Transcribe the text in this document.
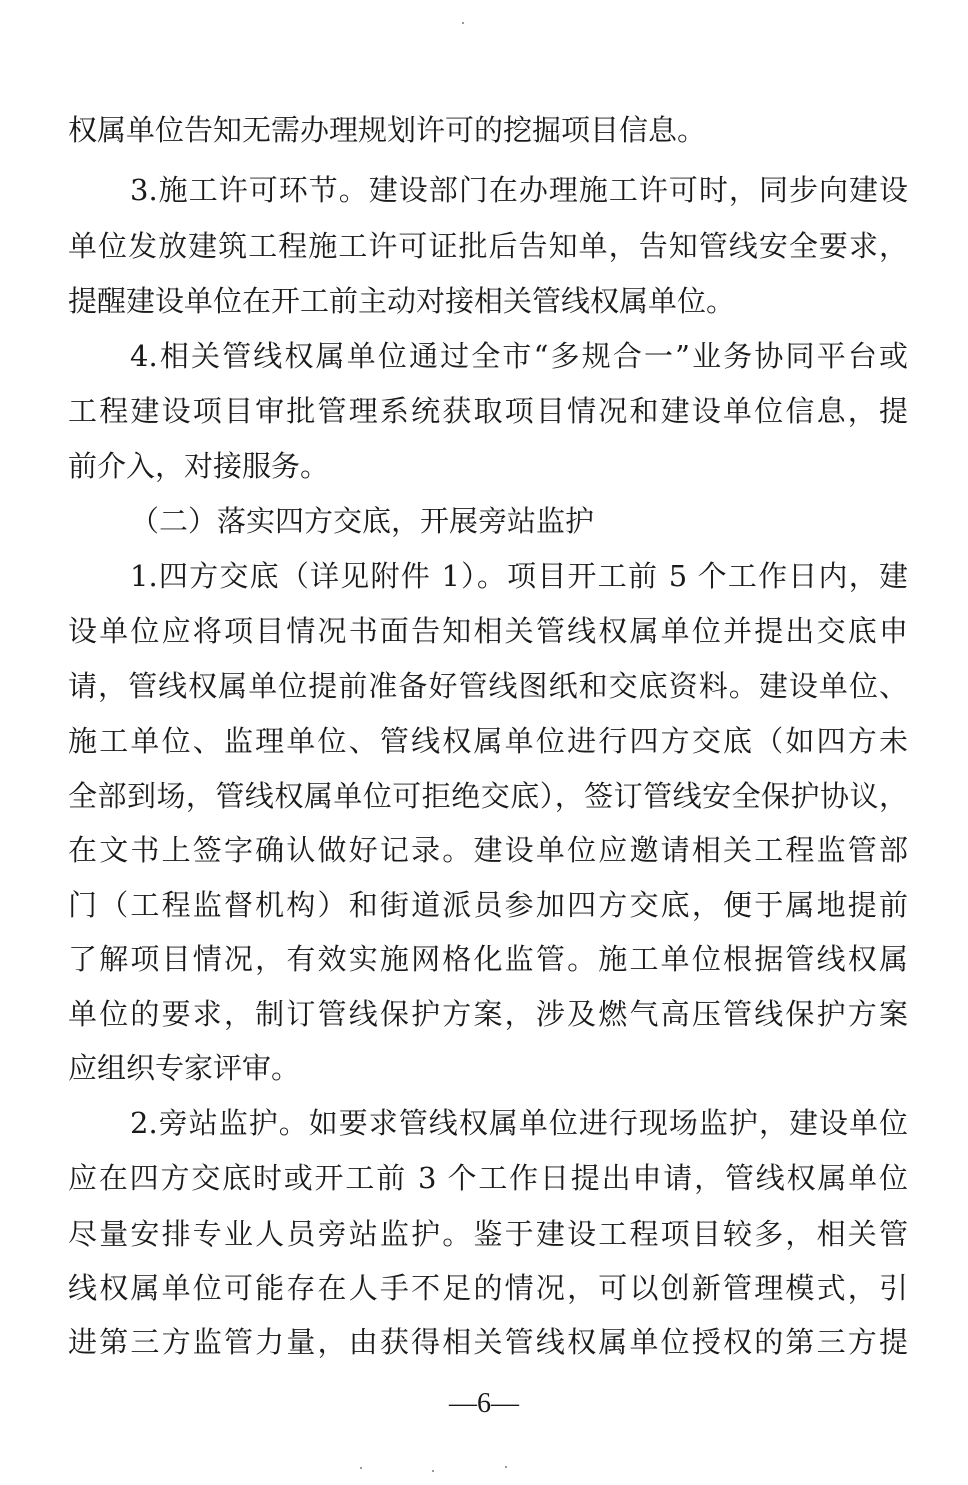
权属单位告知无需办理规划许可的挖掘项目信息。
3.施工许可环节。建设部门在办理施工许可时，同步向建设
单位发放建筑工程施工许可证批后告知单，告知管线安全要求，
提醒建设单位在开工前主动对接相关管线权属单位。
4.相关管线权属单位通过全市“多规合一”业务协同平台或
工程建设项目审批管理系统获取项目情况和建设单位信息，提
前介入，对接服务。
（二）落实四方交底，开展旁站监护
1.四方交底（详见附件 1）。项目开工前 5 个工作日内，建
设单位应将项目情况书面告知相关管线权属单位并提出交底申
请，管线权属单位提前准备好管线图纸和交底资料。建设单位、
施工单位、监理单位、管线权属单位进行四方交底（如四方未
全部到场，管线权属单位可拒绝交底），签订管线安全保护协议，
在文书上签字确认做好记录。建设单位应邀请相关工程监管部
门（工程监督机构）和街道派员参加四方交底，便于属地提前
了解项目情况，有效实施网格化监管。施工单位根据管线权属
单位的要求，制订管线保护方案，涉及燃气高压管线保护方案
应组织专家评审。
2.旁站监护。如要求管线权属单位进行现场监护，建设单位
应在四方交底时或开工前 3 个工作日提出申请，管线权属单位
尽量安排专业人员旁站监护。鉴于建设工程项目较多，相关管
线权属单位可能存在人手不足的情况，可以创新管理模式，引
进第三方监管力量，由获得相关管线权属单位授权的第三方提
—6—
